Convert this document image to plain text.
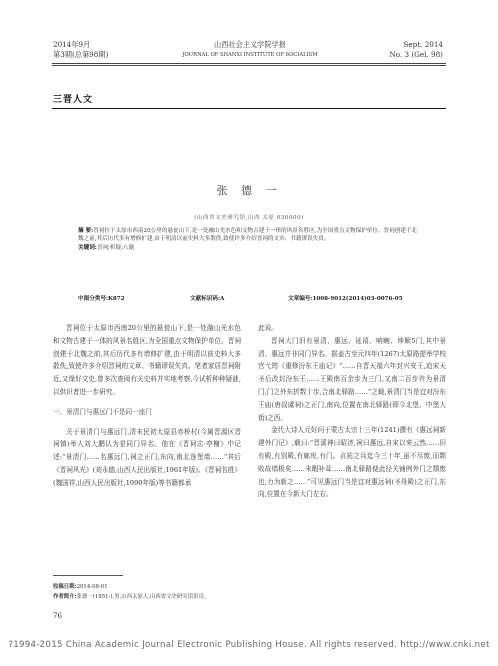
2014年9月
第3期(总第98期)
山西社会主义学院学报
JOURNAL OF SHANXI INSTITUTE OF SOCIALISM
Sept. 2014
No. 3 (Gel. 98)
三晋人文
张 德 一
(山西省文史研究馆,山西 太原 030000)
摘 要:晋祠位于太原市西南20公里的悬瓮山下,是一处融山光水色和文物古建于一体的风景名胜区,为全国重点文物保护单位。晋祠创建于北魏之前,其后历代多有增修扩建,由于明清以前史料大多散佚,致使许多介绍晋祠的文章、书籍谬误失真。
关键词:晋祠;析疑;八题
中图分类号:K872	文献标识码:A	文章编号:1008-9012(2014)03-0076-05

晋祠位于太原市西南20公里的悬瓮山下,是一处融山光水色和文物古建于一体的风景名胜区,为全国重点文物保护单位。晋祠创建于北魏之前,其后历代多有增修扩建,由于明清以前史料大多散佚,致使许多介绍晋祠的文章、书籍谬误失真。笔者家居晋祠附近,又缘好文史,曾多次查阅有关史料并实地考察,今试析种种疑谜,以供识者进一步研究。

一、景清门与惠远门不是同一座门

关于景清门与惠远门,清末民初太原县赤桥村(今属晋源区晋祠镇)举人刘大鹏认为是同门异名。他在《晋祠志·亭榭》中记述:“景清门……名惠远门,祠之正门,东向,南北连堡墙……”其后《晋祠风光》(刘永德,山西人民出版社,1961年版)、《晋祠名胜》(魏国祥,山西人民出版社,1990年版)等书籍都承

此说。

晋祠大门旧有景清、惠远、延禧、响畹、坤顺5门,其中景清、惠远并非同门异名。据姜古至元四年(1267)太原路提举学校官弋筠《重修汾东王庙记》“……自晋天福六年封兴安王,迨宋天圣后改封汾东王……王殿南百余步为三门,又南二百步许为景清门,门之外东折数十步,合南北驿路……”之载,景清门当是宜对汾东王庙(唐叔虞祠)之正门,南向,位置在南北驿路(即今北堡、中堡大街)之西。

金代大诗人元好问于蒙古太宗十三年(1241)撰有《惠远祠新建外门记》,载曰:“晋溪神曰昭济,祠曰惠远,自宋以来云然……旧有殿,有别殿,有廊庑,有门。贞祐之兵迄今三十年,虽不尽废,而颓败故墙极矣……未暇补葺……南北驿路便此径关铺例外门之颓废也,力为新之……”可见惠远门当是宜对惠远祠(圣母殿)之正门,东向,位置在今新大门左右。

收稿日期:2014-08-01
作者简介:张德一(1951-),男,山西太原人,山西省文史研究馆馆员。
76
?1994-2015 China Academic Journal Electronic Publishing House. All rights reserved. http://www.cnki.net
